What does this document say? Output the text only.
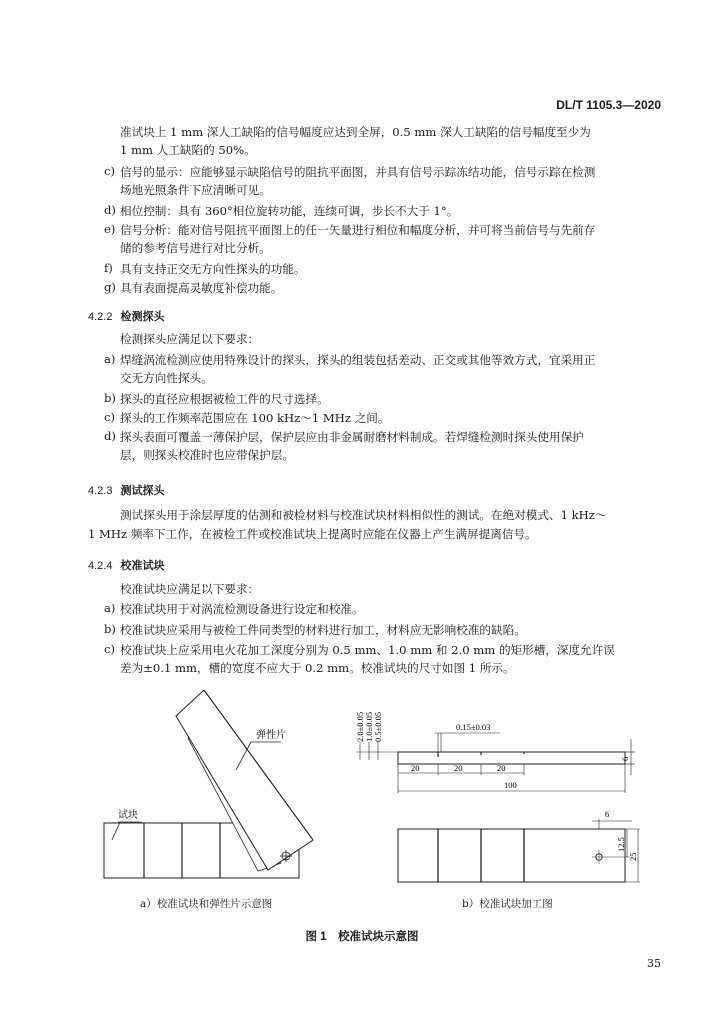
DL/T 1105.3—2020
准试块上 1 mm 深人工缺陷的信号幅度应达到全屏，0.5 mm 深人工缺陷的信号幅度至少为
1 mm 人工缺陷的 50%。
c) 信号的显示：应能够显示缺陷信号的阻抗平面图，并具有信号示踪冻结功能，信号示踪在检测
场地光照条件下应清晰可见。
d) 相位控制：具有 360°相位旋转功能，连续可调，步长不大于 1°。
e) 信号分析：能对信号阻抗平面图上的任一矢量进行相位和幅度分析，并可将当前信号与先前存
储的参考信号进行对比分析。
f) 具有支持正交无方向性探头的功能。
g) 具有表面提高灵敏度补偿功能。
4.2.2 检测探头
检测探头应满足以下要求：
a) 焊缝涡流检测应使用特殊设计的探头，探头的组装包括差动、正交或其他等效方式，宜采用正
交无方向性探头。
b) 探头的直径应根据被检工件的尺寸选择。
c) 探头的工作频率范围应在 100 kHz～1 MHz 之间。
d) 探头表面可覆盖一薄保护层，保护层应由非金属耐磨材料制成。若焊缝检测时探头使用保护
层，则探头校准时也应带保护层。
4.2.3 测试探头
测试探头用于涂层厚度的估测和被检材料与校准试块材料相似性的测试。在绝对模式、1 kHz～
1 MHz 频率下工作，在被检工件或校准试块上提离时应能在仪器上产生满屏提离信号。
4.2.4 校准试块
校准试块应满足以下要求：
a) 校准试块用于对涡流检测设备进行设定和校准。
b) 校准试块应采用与被检工件同类型的材料进行加工，材料应无影响校准的缺陷。
c) 校准试块上应采用电火花加工深度分别为 0.5 mm、1.0 mm 和 2.0 mm 的矩形槽，深度允许误
差为±0.1 mm，槽的宽度不应大于 0.2 mm。校准试块的尺寸如图 1 所示。
弹性片
试块
2.0±0.05 1.0±0.05 0.5±0.05	0.15±0.03
6
20	20	20
100
6
12.5
25
a）校准试块和弹性片示意图	b）校准试块加工图
图 1　校准试块示意图
35
